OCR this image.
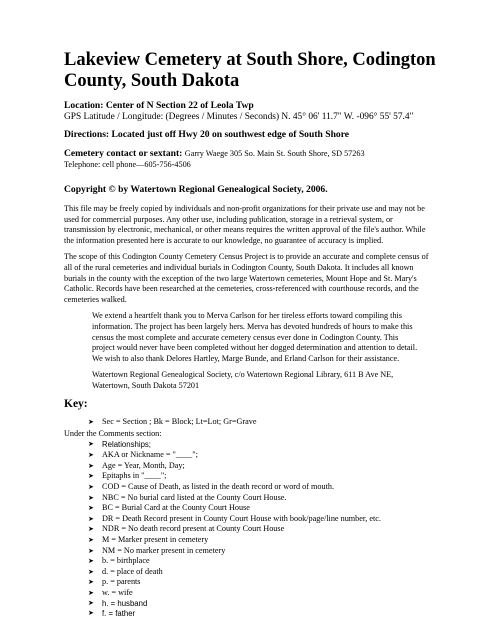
Lakeview Cemetery at South Shore, Codington County, South Dakota

Location: Center of N Section 22 of Leola Twp

GPS Latitude / Longitude: (Degrees / Minutes / Seconds) N. 45° 06' 11.7" W. -096° 55' 57.4"

Directions: Located just off Hwy 20 on southwest edge of South Shore

Cemetery contact or sextant: Garry Waege 305 So. Main St. South Shore, SD 57263
Telephone: cell phone—605-756-4506

Copyright © by Watertown Regional Genealogical Society, 2006.

This file may be freely copied by individuals and non-profit organizations for their private use and may not be used for commercial purposes. Any other use, including publication, storage in a retrieval system, or transmission by electronic, mechanical, or other means requires the written approval of the file's author. While the information presented here is accurate to our knowledge, no guarantee of accuracy is implied.

The scope of this Codington County Cemetery Census Project is to provide an accurate and complete census of all of the rural cemeteries and individual burials in Codington County, South Dakota. It includes all known burials in the county with the exception of the two large Watertown cemeteries, Mount Hope and St. Mary's Catholic. Records have been researched at the cemeteries, cross-referenced with courthouse records, and the cemeteries walked.

We extend a heartfelt thank you to Merva Carlson for her tireless efforts toward compiling this information. The project has been largely hers. Merva has devoted hundreds of hours to make this census the most complete and accurate cemetery census ever done in Codington County. This project would never have been completed without her dogged determination and attention to detail. We wish to also thank Delores Hartley, Marge Bunde, and Erland Carlson for their assistance.

Watertown Regional Genealogical Society, c/o Watertown Regional Library, 611 B Ave NE, Watertown, South Dakota 57201

Key:
➤ Sec = Section ; Bk = Block; Lt=Lot; Gr=Grave

Under the Comments section:

➤ Relationships;
➤ AKA or Nickname = "____";
➤ Age = Year, Month, Day;
➤ Epitaphs in "____";
➤ COD = Cause of Death, as listed in the death record or word of mouth.
➤ NBC = No burial card listed at the County Court House.
➤ BC = Burial Card at the County Court House
➤ DR = Death Record present in County Court House with book/page/line number, etc.
➤ NDR = No death record present at County Court House
➤ M = Marker present in cemetery
➤ NM = No marker present in cemetery
➤ b. = birthplace
➤ d. = place of death
➤ p. = parents
➤ w. = wife
➤ h. = husband
➤ f. = father
